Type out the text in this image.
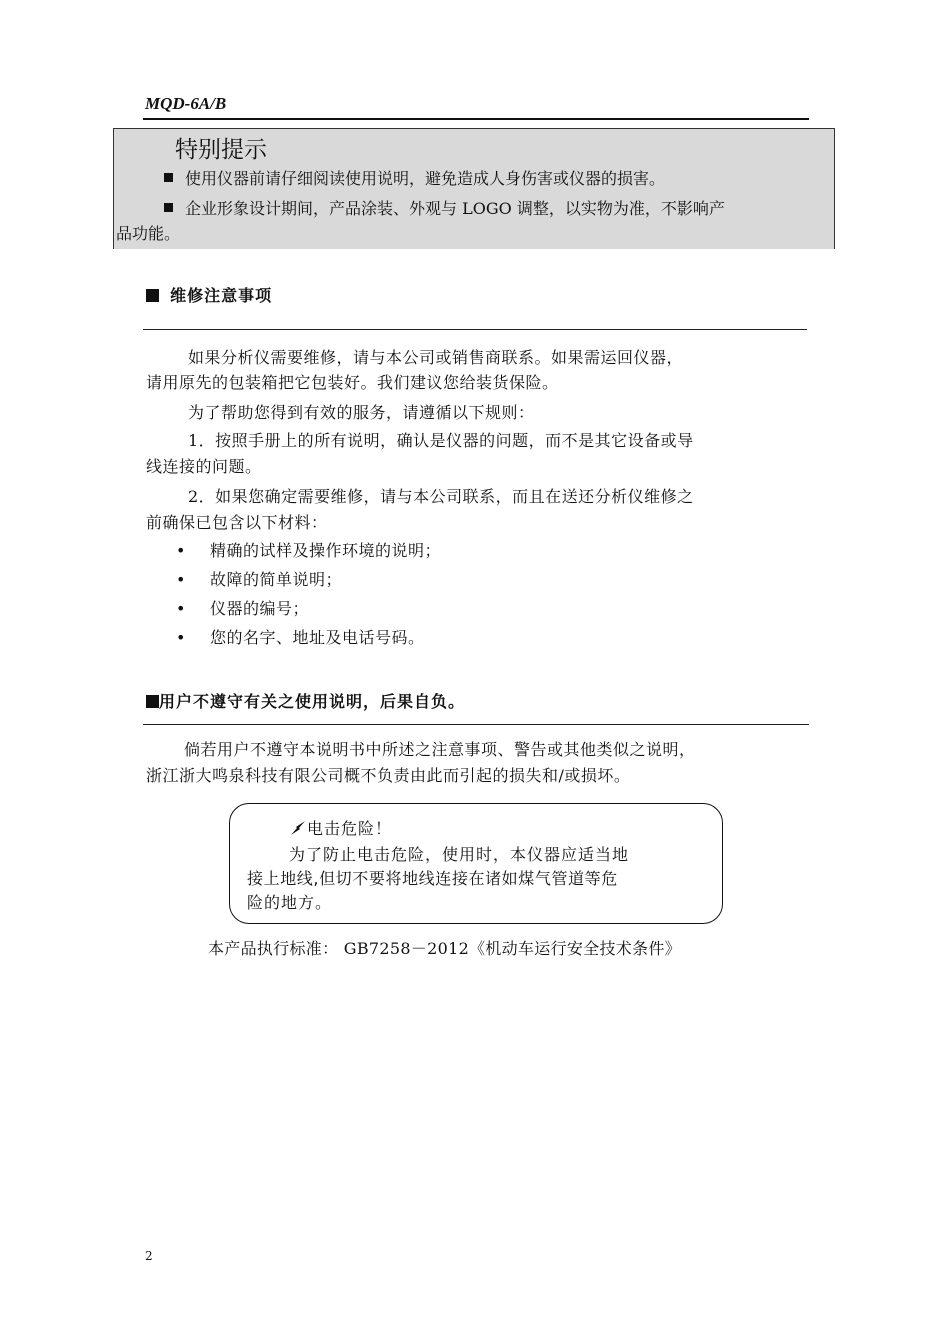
MQD-6A/B
特别提示
使用仪器前请仔细阅读使用说明，避免造成人身伤害或仪器的损害。
企业形象设计期间，产品涂装、外观与 LOGO 调整，以实物为准，不影响产
品功能。
维修注意事项
如果分析仪需要维修，请与本公司或销售商联系。如果需运回仪器，
请用原先的包装箱把它包装好。我们建议您给装货保险。
为了帮助您得到有效的服务，请遵循以下规则：
1．按照手册上的所有说明，确认是仪器的问题，而不是其它设备或导
线连接的问题。
2．如果您确定需要维修，请与本公司联系，而且在送还分析仪维修之
前确保已包含以下材料：
• 精确的试样及操作环境的说明；
• 故障的简单说明；
• 仪器的编号；
• 您的名字、地址及电话号码。
用户不遵守有关之使用说明，后果自负。
倘若用户不遵守本说明书中所述之注意事项、警告或其他类似之说明，
浙江浙大鸣泉科技有限公司概不负责由此而引起的损失和/或损坏。
电击危险！
为了防止电击危险，使用时，本仪器应适当地
接上地线,但切不要将地线连接在诸如煤气管道等危
险的地方。
本产品执行标准： GB7258－2012《机动车运行安全技术条件》
2
